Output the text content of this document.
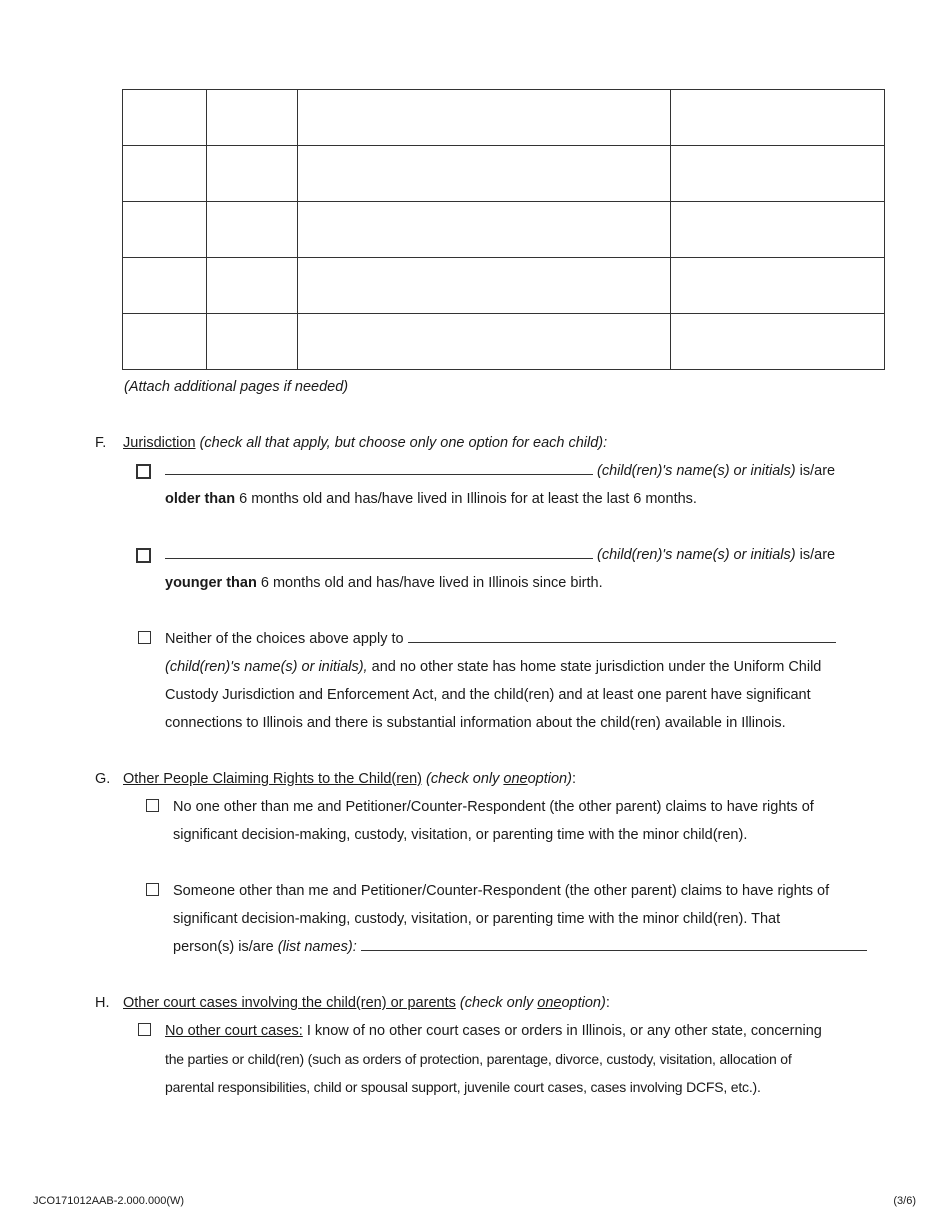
(Attach additional pages if needed)
F. Jurisdiction (check all that apply, but choose only one option for each child):
(child(ren)'s name(s) or initials) is/are
older than 6 months old and has/have lived in Illinois for at least the last 6 months.
(child(ren)'s name(s) or initials) is/are
younger than 6 months old and has/have lived in Illinois since birth.
Neither of the choices above apply to
(child(ren)'s name(s) or initials), and no other state has home state jurisdiction under the Uniform Child
Custody Jurisdiction and Enforcement Act, and the child(ren) and at least one parent have significant
connections to Illinois and there is substantial information about the child(ren) available in Illinois.
G. Other People Claiming Rights to the Child(ren) (check only oneoption):
No one other than me and Petitioner/Counter-Respondent (the other parent) claims to have rights of
significant decision-making, custody, visitation, or parenting time with the minor child(ren).
Someone other than me and Petitioner/Counter-Respondent (the other parent) claims to have rights of
significant decision-making, custody, visitation, or parenting time with the minor child(ren). That
person(s) is/are (list names):
H. Other court cases involving the child(ren) or parents (check only oneoption):
No other court cases: I know of no other court cases or orders in Illinois, or any other state, concerning
the parties or child(ren) (such as orders of protection, parentage, divorce, custody, visitation, allocation of
parental responsibilities, child or spousal support, juvenile court cases, cases involving DCFS, etc.).
JCO171012AAB-2.000.000(W)	(3/6)
